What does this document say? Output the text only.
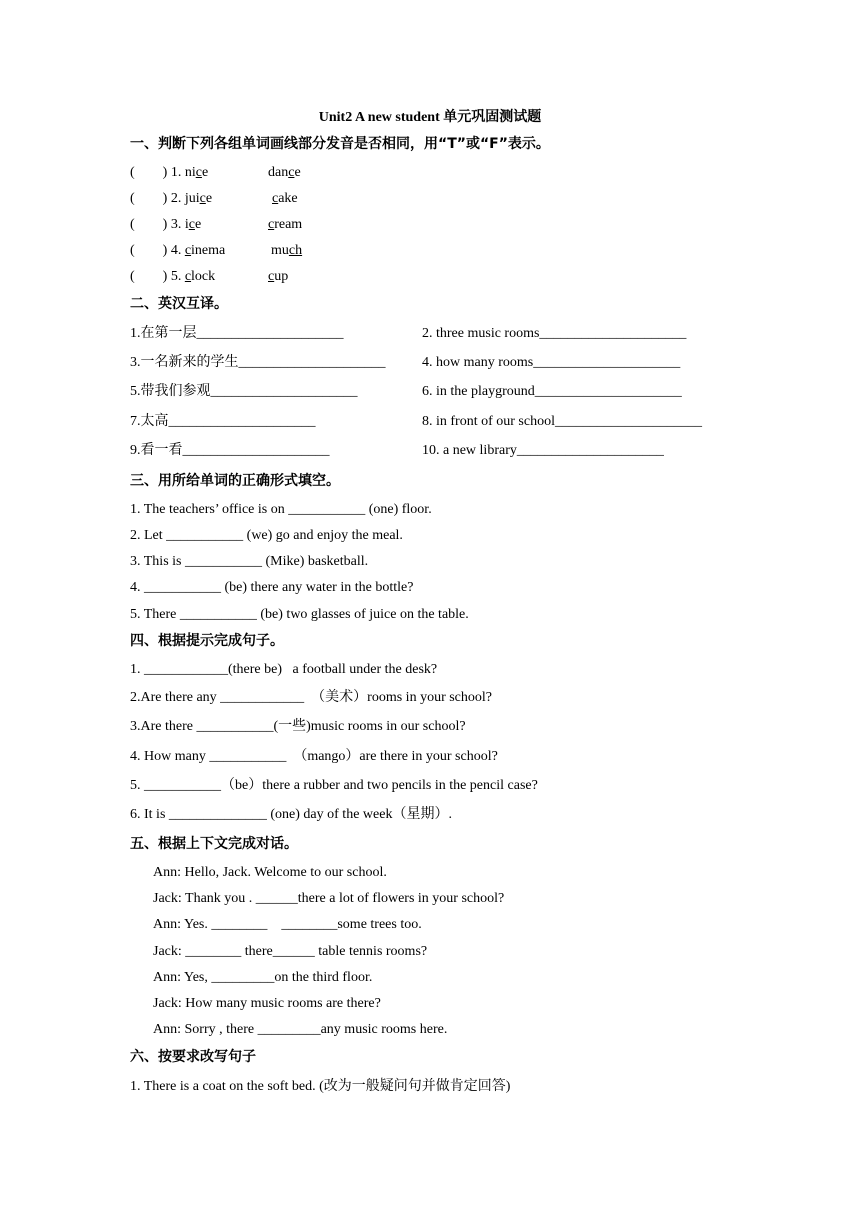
Unit2 A new student 单元巩固测试题
一、判断下列各组单词画线部分发音是否相同，用“T”或“F”表示。
(        ) 1. nice	dance
(        ) 2. juice	cake
(        ) 3. ice	cream
(        ) 4. cinema	much
(        ) 5. clock	cup
二、英汉互译。
1.在第一层_____________________	2. three music rooms_____________________
3.一名新来的学生_____________________	4. how many rooms_____________________
5.带我们参观_____________________	6. in the playground_____________________
7.太高_____________________	8. in front of our school_____________________
9.看一看_____________________	10. a new library_____________________
三、用所给单词的正确形式填空。
1. The teachers’ office is on ___________ (one) floor.
2. Let ___________ (we) go and enjoy the meal.
3. This is ___________ (Mike) basketball.
4. ___________ (be) there any water in the bottle?
5. There ___________ (be) two glasses of juice on the table.
四、根据提示完成句子。
1. ____________(there be)   a football under the desk?
2.Are there any ____________  （美术）rooms in your school?
3.Are there ___________(一些)music rooms in our school?
4. How many ___________  （mango）are there in your school?
5. ___________（be）there a rubber and two pencils in the pencil case?
6. It is ______________ (one) day of the week（星期）.
五、根据上下文完成对话。
Ann: Hello, Jack. Welcome to our school.
Jack: Thank you . ______there a lot of flowers in your school?
Ann: Yes. ________    ________some trees too.
Jack: ________ there______ table tennis rooms?
Ann: Yes, _________on the third floor.
Jack: How many music rooms are there?
Ann: Sorry , there _________any music rooms here.
六、按要求改写句子
1. There is a coat on the soft bed. (改为一般疑问句并做肯定回答)
